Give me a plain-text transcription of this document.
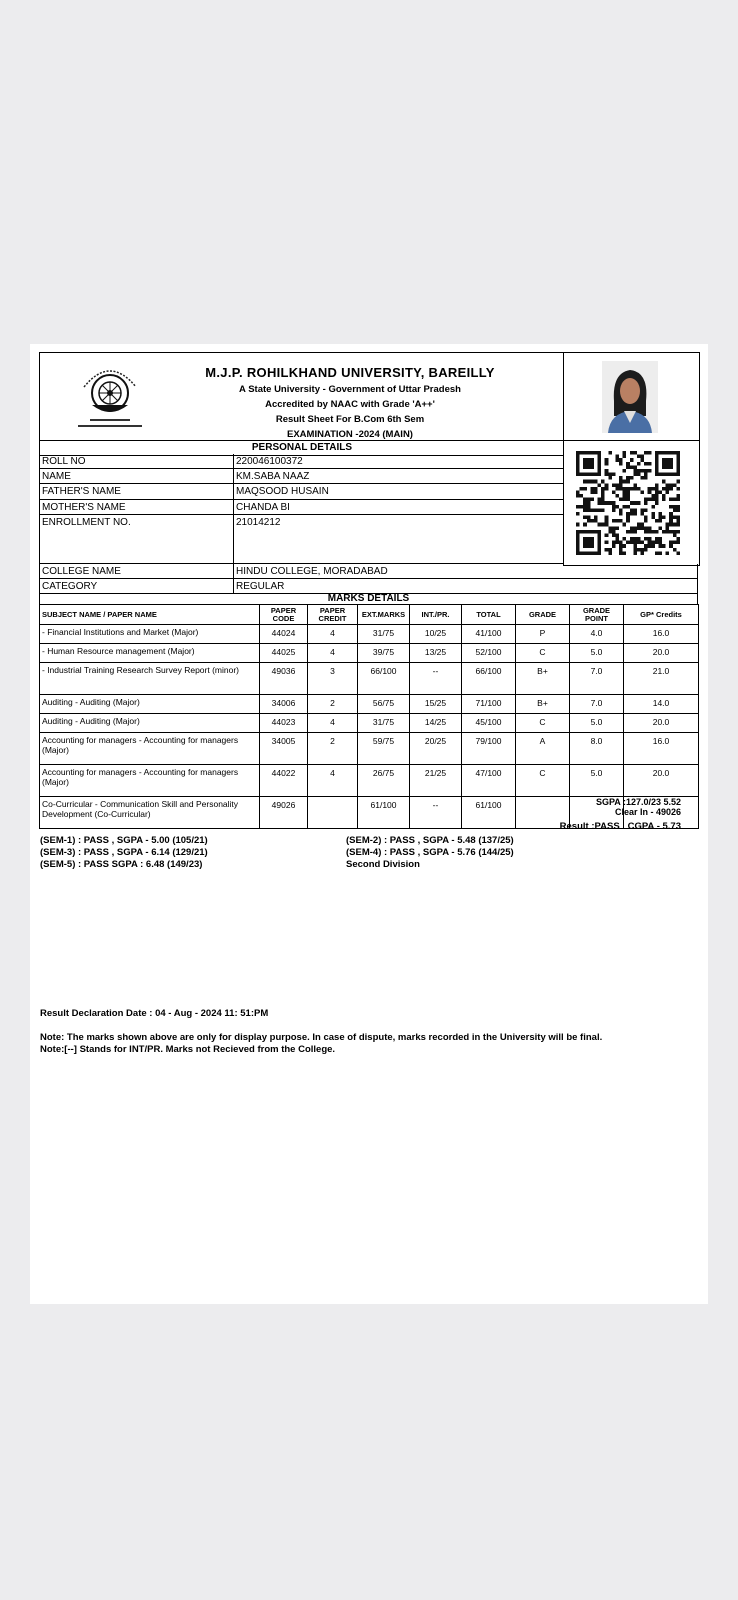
M.J.P. ROHILKHAND UNIVERSITY, BAREILLY
A State University - Government of Uttar Pradesh
Accredited by NAAC with Grade 'A++'
Result Sheet For B.Com 6th Sem
EXAMINATION -2024 (MAIN)
PERSONAL DETAILS
ROLL NO	220046100372
NAME	KM.SABA NAAZ
FATHER'S NAME	MAQSOOD HUSAIN
MOTHER'S NAME	CHANDA BI
ENROLLMENT NO.	21014212
COLLEGE NAME	HINDU COLLEGE, MORADABAD
CATEGORY	REGULAR
MARKS DETAILS
SUBJECT NAME / PAPER NAME	PAPER CODE	PAPER CREDIT	EXT.MARKS	INT./PR.	TOTAL	GRADE	GRADE POINT	GP* Credits
- Financial Institutions and Market (Major)	44024	4	31/75	10/25	41/100	P	4.0	16.0
- Human Resource management (Major)	44025	4	39/75	13/25	52/100	C	5.0	20.0
- Industrial Training Research Survey Report (minor)	49036	3	66/100	--	66/100	B+	7.0	21.0
Auditing - Auditing (Major)	34006	2	56/75	15/25	71/100	B+	7.0	14.0
Auditing - Auditing (Major)	44023	4	31/75	14/25	45/100	C	5.0	20.0
Accounting for managers - Accounting for managers (Major)	34005	2	59/75	20/25	79/100	A	8.0	16.0
Accounting for managers - Accounting for managers (Major)	44022	4	26/75	21/25	47/100	C	5.0	20.0
Co-Curricular - Communication Skill and Personality Development (Co-Curricular)	49026		61/100	--	61/100				SGPA :127.0/23 5.52
Clear In - 49026
Result :PASS CGPA - 5.73
(SEM-1) : PASS , SGPA - 5.00 (105/21)
(SEM-3) : PASS , SGPA - 6.14 (129/21)
(SEM-5) : PASS SGPA : 6.48 (149/23)
(SEM-2) : PASS , SGPA - 5.48 (137/25)
(SEM-4) : PASS , SGPA - 5.76 (144/25)
Second Division
Result Declaration Date : 04 - Aug - 2024 11: 51:PM
Note: The marks shown above are only for display purpose. In case of dispute, marks recorded in the University will be final.
Note:[--] Stands for INT/PR. Marks not Recieved from the College.
